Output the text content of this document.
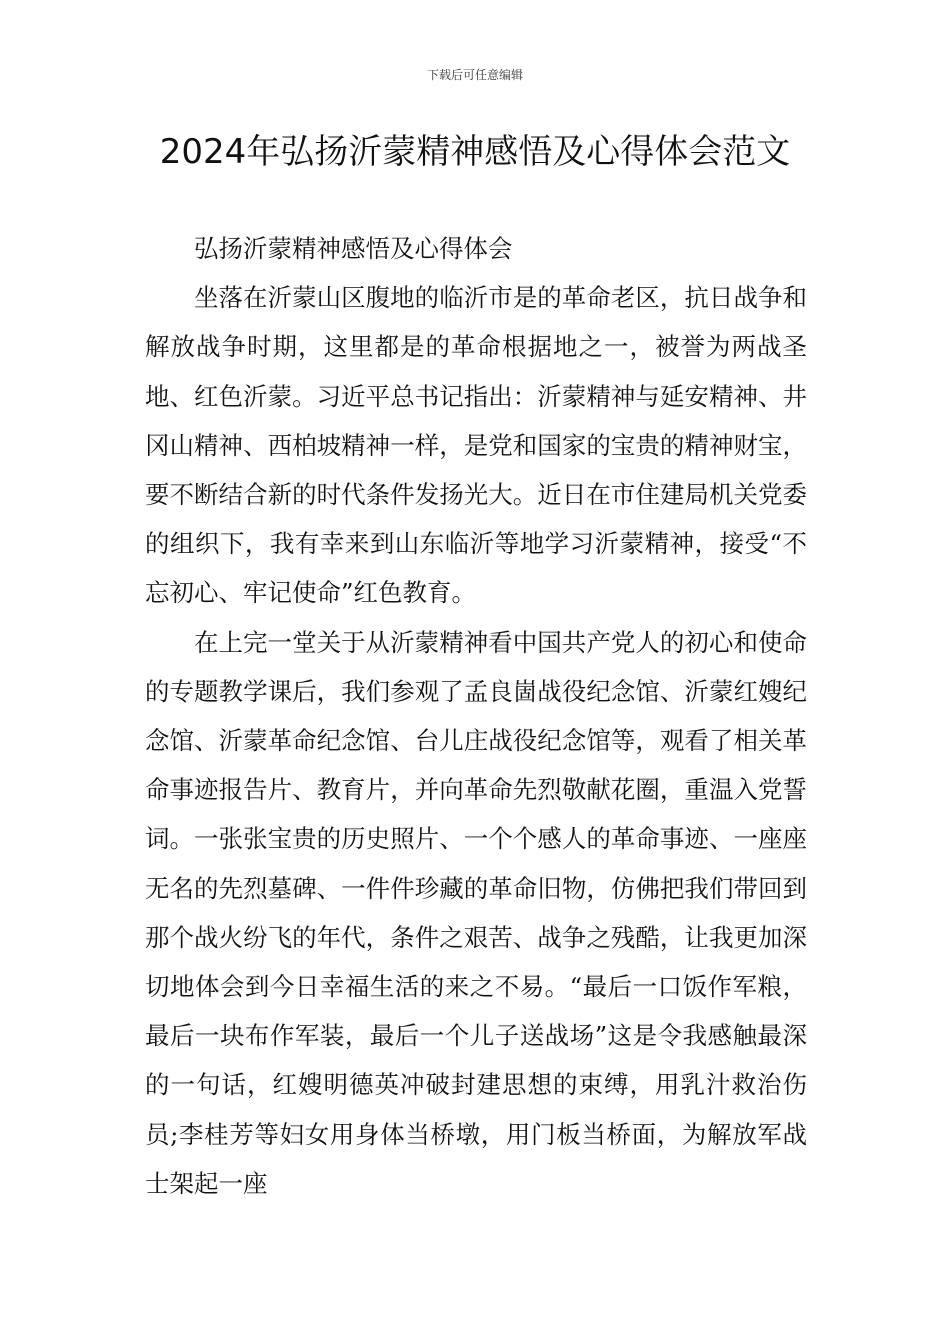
下载后可任意编辑
2024年弘扬沂蒙精神感悟及心得体会范文

弘扬沂蒙精神感悟及心得体会

坐落在沂蒙山区腹地的临沂市是的革命老区，抗日战争和解放战争时期，这里都是的革命根据地之一，被誉为两战圣地、红色沂蒙。习近平总书记指出：沂蒙精神与延安精神、井冈山精神、西柏坡精神一样，是党和国家的宝贵的精神财宝，要不断结合新的时代条件发扬光大。近日在市住建局机关党委的组织下，我有幸来到山东临沂等地学习沂蒙精神，接受“不忘初心、牢记使命”红色教育。

在上完一堂关于从沂蒙精神看中国共产党人的初心和使命的专题教学课后，我们参观了孟良崮战役纪念馆、沂蒙红嫂纪念馆、沂蒙革命纪念馆、台儿庄战役纪念馆等，观看了相关革命事迹报告片、教育片，并向革命先烈敬献花圈，重温入党誓词。一张张宝贵的历史照片、一个个感人的革命事迹、一座座无名的先烈墓碑、一件件珍藏的革命旧物，仿佛把我们带回到那个战火纷飞的年代，条件之艰苦、战争之残酷，让我更加深切地体会到今日幸福生活的来之不易。“最后一口饭作军粮，最后一块布作军装，最后一个儿子送战场”这是令我感触最深的一句话，红嫂明德英冲破封建思想的束缚，用乳汁救治伤员;李桂芳等妇女用身体当桥墩，用门板当桥面，为解放军战士架起一座
